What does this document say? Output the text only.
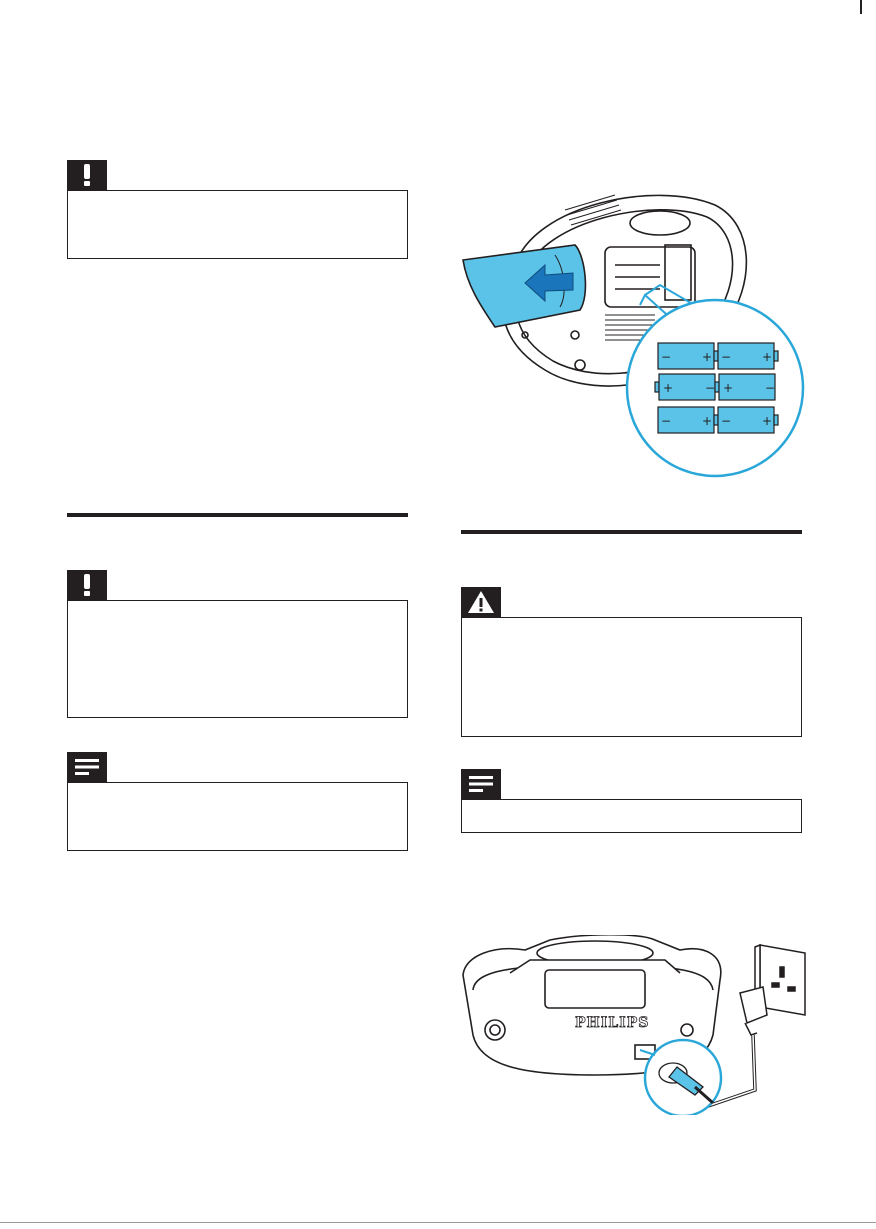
−	+ −	+
+	− +	−
−	+ −	+
PHILIPS
